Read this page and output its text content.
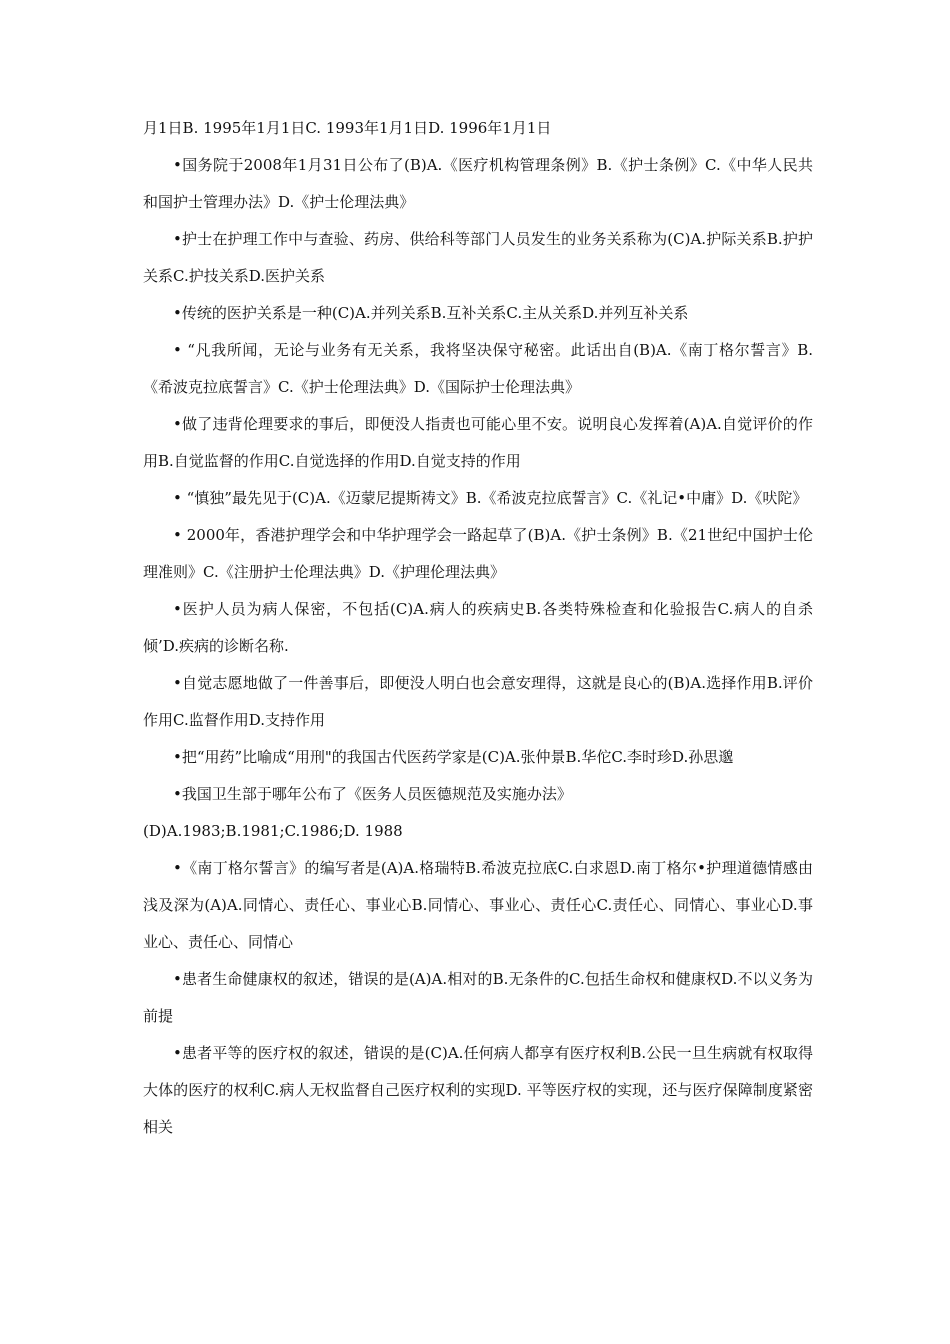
月1日B. 1995年1月1日C. 1993年1月1日D. 1996年1月1日

•国务院于2008年1月31日公布了(B)A.《医疗机构管理条例》B.《护士条例》C.《中华人民共和国护士管理办法》D.《护士伦理法典》

•护士在护理工作中与查验、药房、供给科等部门人员发生的业务关系称为(C)A.护际关系B.护护关系C.护技关系D.医护关系

•传统的医护关系是一种(C)A.并列关系B.互补关系C.主从关系D.并列互补关系

• “凡我所闻，无论与业务有无关系，我将坚决保守秘密。此话出自(B)A.《南丁格尔誓言》B.《希波克拉底誓言》C.《护士伦理法典》D.《国际护士伦理法典》

•做了违背伦理要求的事后，即便没人指责也可能心里不安。说明良心发挥着(A)A.自觉评价的作用B.自觉监督的作用C.自觉选择的作用D.自觉支持的作用

• “慎独”最先见于(C)A.《迈蒙尼提斯祷文》B.《希波克拉底誓言》C.《礼记•中庸》D.《吠陀》

• 2000年，香港护理学会和中华护理学会一路起草了(B)A.《护士条例》B.《21世纪中国护士伦理准则》C.《注册护士伦理法典》D.《护理伦理法典》

•医护人员为病人保密，不包括(C)A.病人的疾病史B.各类特殊检查和化验报告C.病人的自杀倾’D.疾病的诊断名称.

•自觉志愿地做了一件善事后，即便没人明白也会意安理得，这就是良心的(B)A.选择作用B.评价作用C.监督作用D.支持作用

•把“用药”比喻成“用刑"的我国古代医药学家是(C)A.张仲景B.华佗C.李时珍D.孙思邈

•我国卫生部于哪年公布了《医务人员医德规范及实施办法》

(D)A.1983;B.1981;C.1986;D. 1988

•《南丁格尔誓言》的编写者是(A)A.格瑞特B.希波克拉底C.白求恩D.南丁格尔•护理道德情感由浅及深为(A)A.同情心、责任心、事业心B.同情心、事业心、责任心C.责任心、同情心、事业心D.事业心、责任心、同情心

•患者生命健康权的叙述，错误的是(A)A.相对的B.无条件的C.包括生命权和健康权D.不以义务为前提

•患者平等的医疗权的叙述，错误的是(C)A.任何病人都享有医疗权利B.公民一旦生病就有权取得大体的医疗的权利C.病人无权监督自己医疗权利的实现D. 平等医疗权的实现，还与医疗保障制度紧密相关
